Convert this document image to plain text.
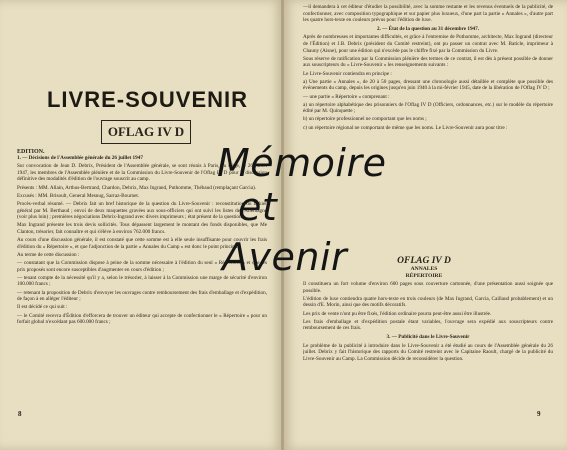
LIVRE-SOUVENIR
OFLAG IV D
EDITION.

1. — Décisions de l'Assemblée générale du 26 juillet 1947

Sur convocation de Jean D. Debrix, Président de l'Assemblée générale, se sont réunis à Paris, au siège, le 26 juillet 1947, les membres de l'Assemblée plénière et de la Commission du Livre-Souvenir de l'Oflag IV D pour la discussion définitive des modalités d'édition de l'ouvrage souscrit au camp.

Présents : MM. Allain, Arthus-Bertrand, Chardon, Debrix, Max Ingrand, Puthomme, Thébaud (remplaçant Garcia).

Excusés : MM. Brisoult, General Mesnug, Sarraz-Bournet.

Procès-verbal résumé. — Debrix fait un bref historique de la question du Livre-Souvenir : reconstitution du fichier général par M. Berthaud ; envoi de deux maquettes gravées aux sous-officiers qui ont suivi les listes de l'Allemagne (voir plus loin) ; premières négociations Debrix-Ingrand avec divers imprimeurs ; état présent de la question.

Max Ingrand présente les trois devis sollicités. Tous dépassent largement le montant des fonds disponibles, que Me Clanton, trésorier, fait connaître et qui s'élève à environ 762.000 francs.

Au cours d'une discussion générale, il est constaté que cette somme est à elle seule insuffisante pour couvrir les frais d'édition du « Répertoire », et que l'adjonction de la partie « Annales du Camp » est donc le point principal.

Au terme de cette discussion :

— constatant que la Commission dispose à peine de la somme nécessaire à l'édition du seul « Répertoire » et que les prix proposés sont encore susceptibles d'augmenter en cours d'édition ;

— tenant compte de la nécessité qu'il y a, selon le trésorier, à laisser à la Commission une marge de sécurité d'environ 100.000 francs ;

— retenant la proposition de Debrix d'envoyer les ouvrages contre remboursement des frais d'emballage et d'expédition, de façon à en alléger l'éditeur ;

Il est décidé ce qui suit :

— le Comité recevra d'Édition d'efforcera de trouver un éditeur qui accepte de confectionner le « Répertoire » pour un forfait global n'excédant pas 600.000 francs ;

8

—il demandera à cet éditeur d'étudier la possibilité, avec la somme restante et les revenus éventuels de la publicité, de confectionner, avec composition typographique et sur papier plus luxueux, d'une part la partie « Annales », d'autre part les quatre hors-texte en couleurs prévus pour l'édition de luxe.

2. — État de la question au 31 décembre 1947.

Après de nombreuses et importantes difficultés, et grâce à l'entremise de Puthomme, architecte, Max Ingrand (directeur de l'Édition) et J.B. Debrix (président du Comité restreint), ont pu passer un contrat avec M. Baticle, imprimeur à Chauny (Aisne), pour une édition qui n'excède pas le chiffre fixé par la Commission du Livre.

Sous réserve de ratification par la Commission plénière des termes de ce contrat, il est dès à présent possible de donner aux souscripteurs du « Livre-Souvenir » les renseignements suivants :

Le Livre-Souvenir contiendra en principe :

a) Une partie « Annales », de 20 à 50 pages, dressant une chronologie aussi détaillée et complète que possible des événements du camp, depuis les origines jusqu'en juin 1940 à la mi-février 1945, date de la libération de l'Oflag IV D ;

— une partie « Répertoire » comprenant :

a) un répertoire alphabétique des prisonniers de l'Oflag IV D (Officiers, ordonnances, etc.) sur le modèle du répertoire édité par M. Quinquette ;

b) un répertoire professionnel ne comportant que les noms ;

c) un répertoire régional ne comportant de même que les noms. Le Livre-Souvenir aura pour titre :

OFLAG IV D
ANNALES
RÉPERTOIRE

Il constituera un fort volume d'environ 600 pages sous couverture cartonnée, d'une présentation aussi soignée que possible.

L'édition de luxe contiendra quatre hors-texte en trois couleurs (de Max Ingrand, Garcia, Caillaud probablement) et un dessin d'E. Morin, ainsi que des motifs décoratifs.

Les prix de vente n'ont pu être fixés, l'édition ordinaire pourra peut-être aussi être illustrée.

Les frais d'emballage et d'expédition postale étant variables, l'ouvrage sera expédié aux souscripteurs contre remboursement de ces frais.

3. — Publicité dans le Livre-Souvenir

Le problème de la publicité à introduire dans le Livre-Souvenir a été étudié au cours de l'Assemblée générale du 26 juillet. Debrix y fait l'historique des rapports du Comité restreint avec le Capitaine Raoult, chargé de la publicité du Livre-Souvenir au Camp. La Commission décide de reconsidérer la question.

9
Mémoire
et
Avenir
